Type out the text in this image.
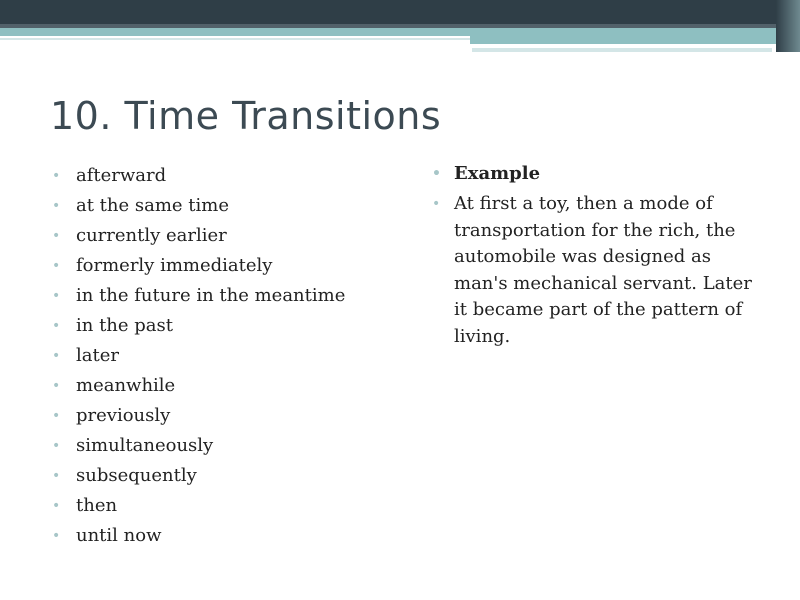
10. Time Transitions
• afterward
• at the same time
• currently earlier
• formerly immediately
• in the future in the meantime
• in the past
• later
• meanwhile
• previously
• simultaneously
• subsequently
• then
• until now
• Example
• At first a toy, then a mode of transportation for the rich, the automobile was designed as man's mechanical servant. Later it became part of the pattern of living.
